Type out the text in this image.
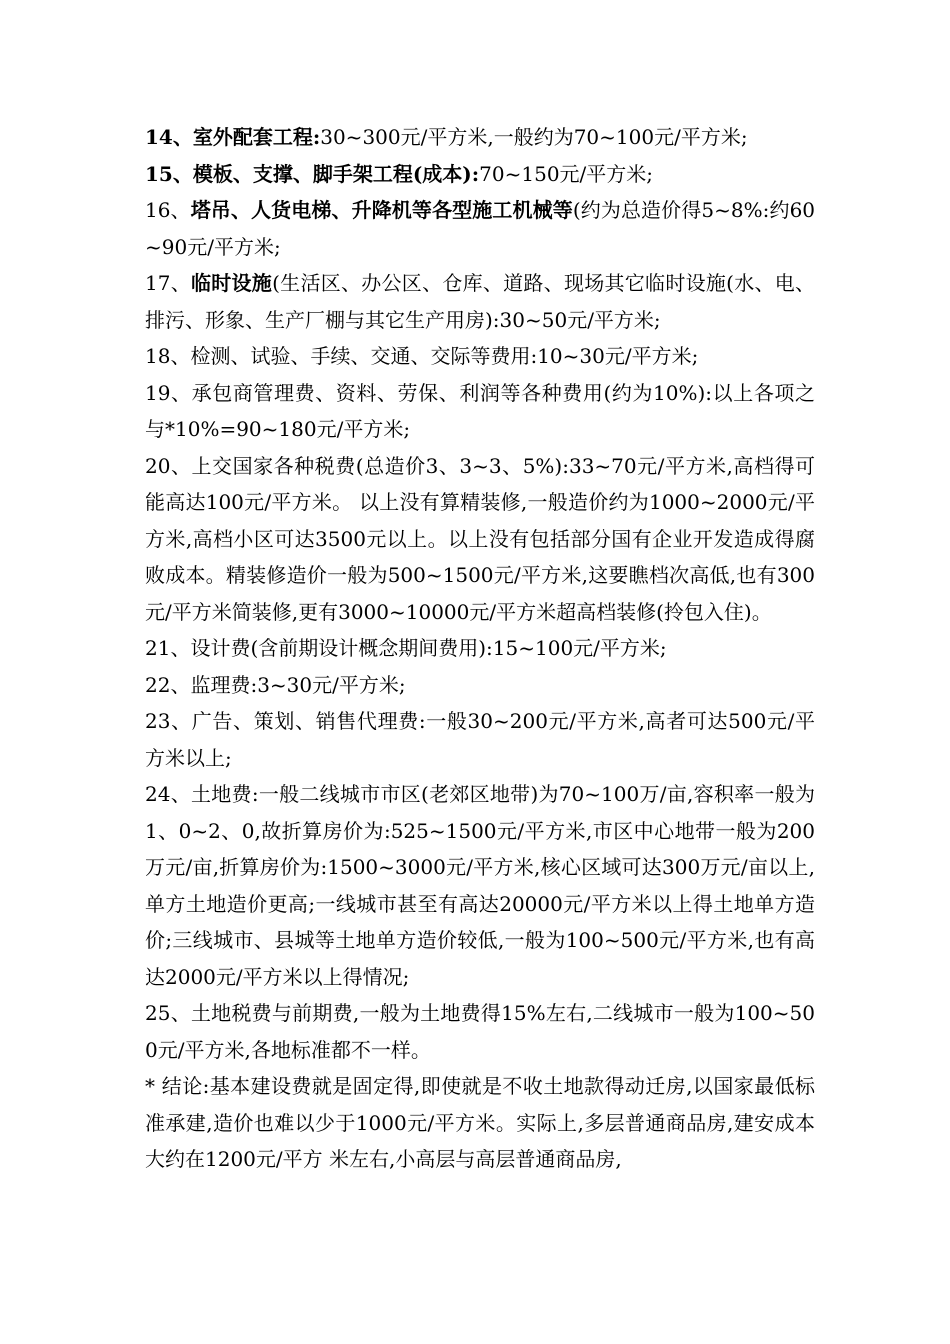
14、室外配套工程:30~300元/平方米,一般约为70~100元/平方米;

15、模板、支撑、脚手架工程(成本):70~150元/平方米;

16、塔吊、人货电梯、升降机等各型施工机械等(约为总造价得5~8%:约60~90元/平方米;

17、临时设施(生活区、办公区、仓库、道路、现场其它临时设施(水、电、排污、形象、生产厂棚与其它生产用房):30~50元/平方米;

18、检测、试验、手续、交通、交际等费用:10~30元/平方米;

19、承包商管理费、资料、劳保、利润等各种费用(约为10%):以上各项之与*10%=90~180元/平方米;

20、上交国家各种税费(总造价3、3~3、5%):33~70元/平方米,高档得可能高达100元/平方米。 以上没有算精装修,一般造价约为1000~2000元/平方米,高档小区可达3500元以上。以上没有包括部分国有企业开发造成得腐败成本。精装修造价一般为500~1500元/平方米,这要瞧档次高低,也有300元/平方米简装修,更有3000~10000元/平方米超高档装修(拎包入住)。

21、设计费(含前期设计概念期间费用):15~100元/平方米;

22、监理费:3~30元/平方米;

23、广告、策划、销售代理费:一般30~200元/平方米,高者可达500元/平方米以上;

24、土地费:一般二线城市市区(老郊区地带)为70~100万/亩,容积率一般为1、0~2、0,故折算房价为:525~1500元/平方米,市区中心地带一般为200万元/亩,折算房价为:1500~3000元/平方米,核心区域可达300万元/亩以上,单方土地造价更高;一线城市甚至有高达20000元/平方米以上得土地单方造价;三线城市、县城等土地单方造价较低,一般为100~500元/平方米,也有高达2000元/平方米以上得情况;

25、土地税费与前期费,一般为土地费得15%左右,二线城市一般为100~500元/平方米,各地标准都不一样。

* 结论:基本建设费就是固定得,即使就是不收土地款得动迁房,以国家最低标准承建,造价也难以少于1000元/平方米。实际上,多层普通商品房,建安成本大约在1200元/平方 米左右,小高层与高层普通商品房,
